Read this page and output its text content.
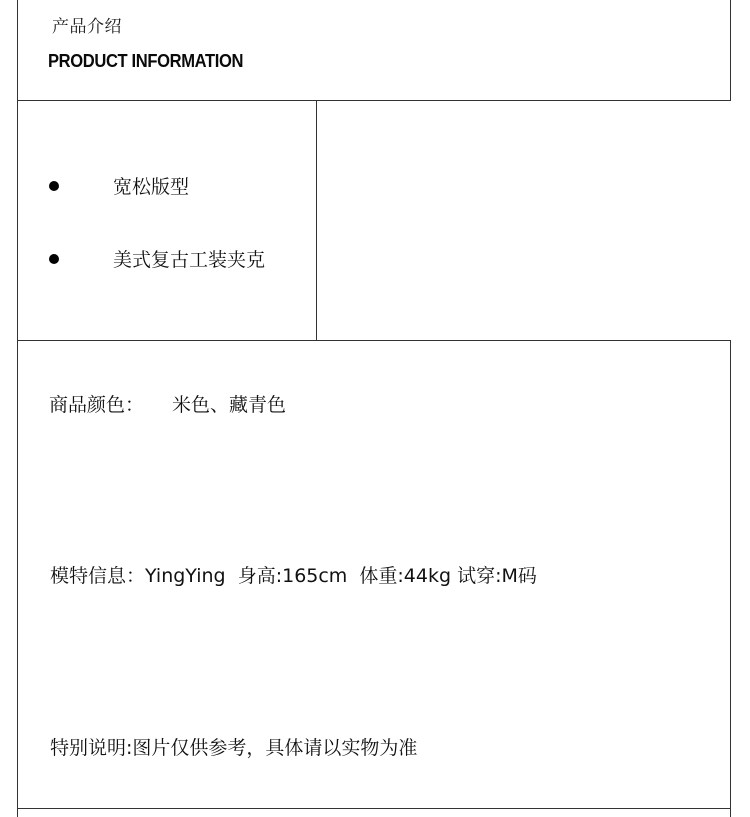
产品介绍
PRODUCT INFORMATION
宽松版型
美式复古工装夹克
商品颜色： 米色、藏青色
模特信息：YingYing  身高:165cm  体重:44kg 试穿:M码
特别说明:图片仅供参考，具体请以实物为准
